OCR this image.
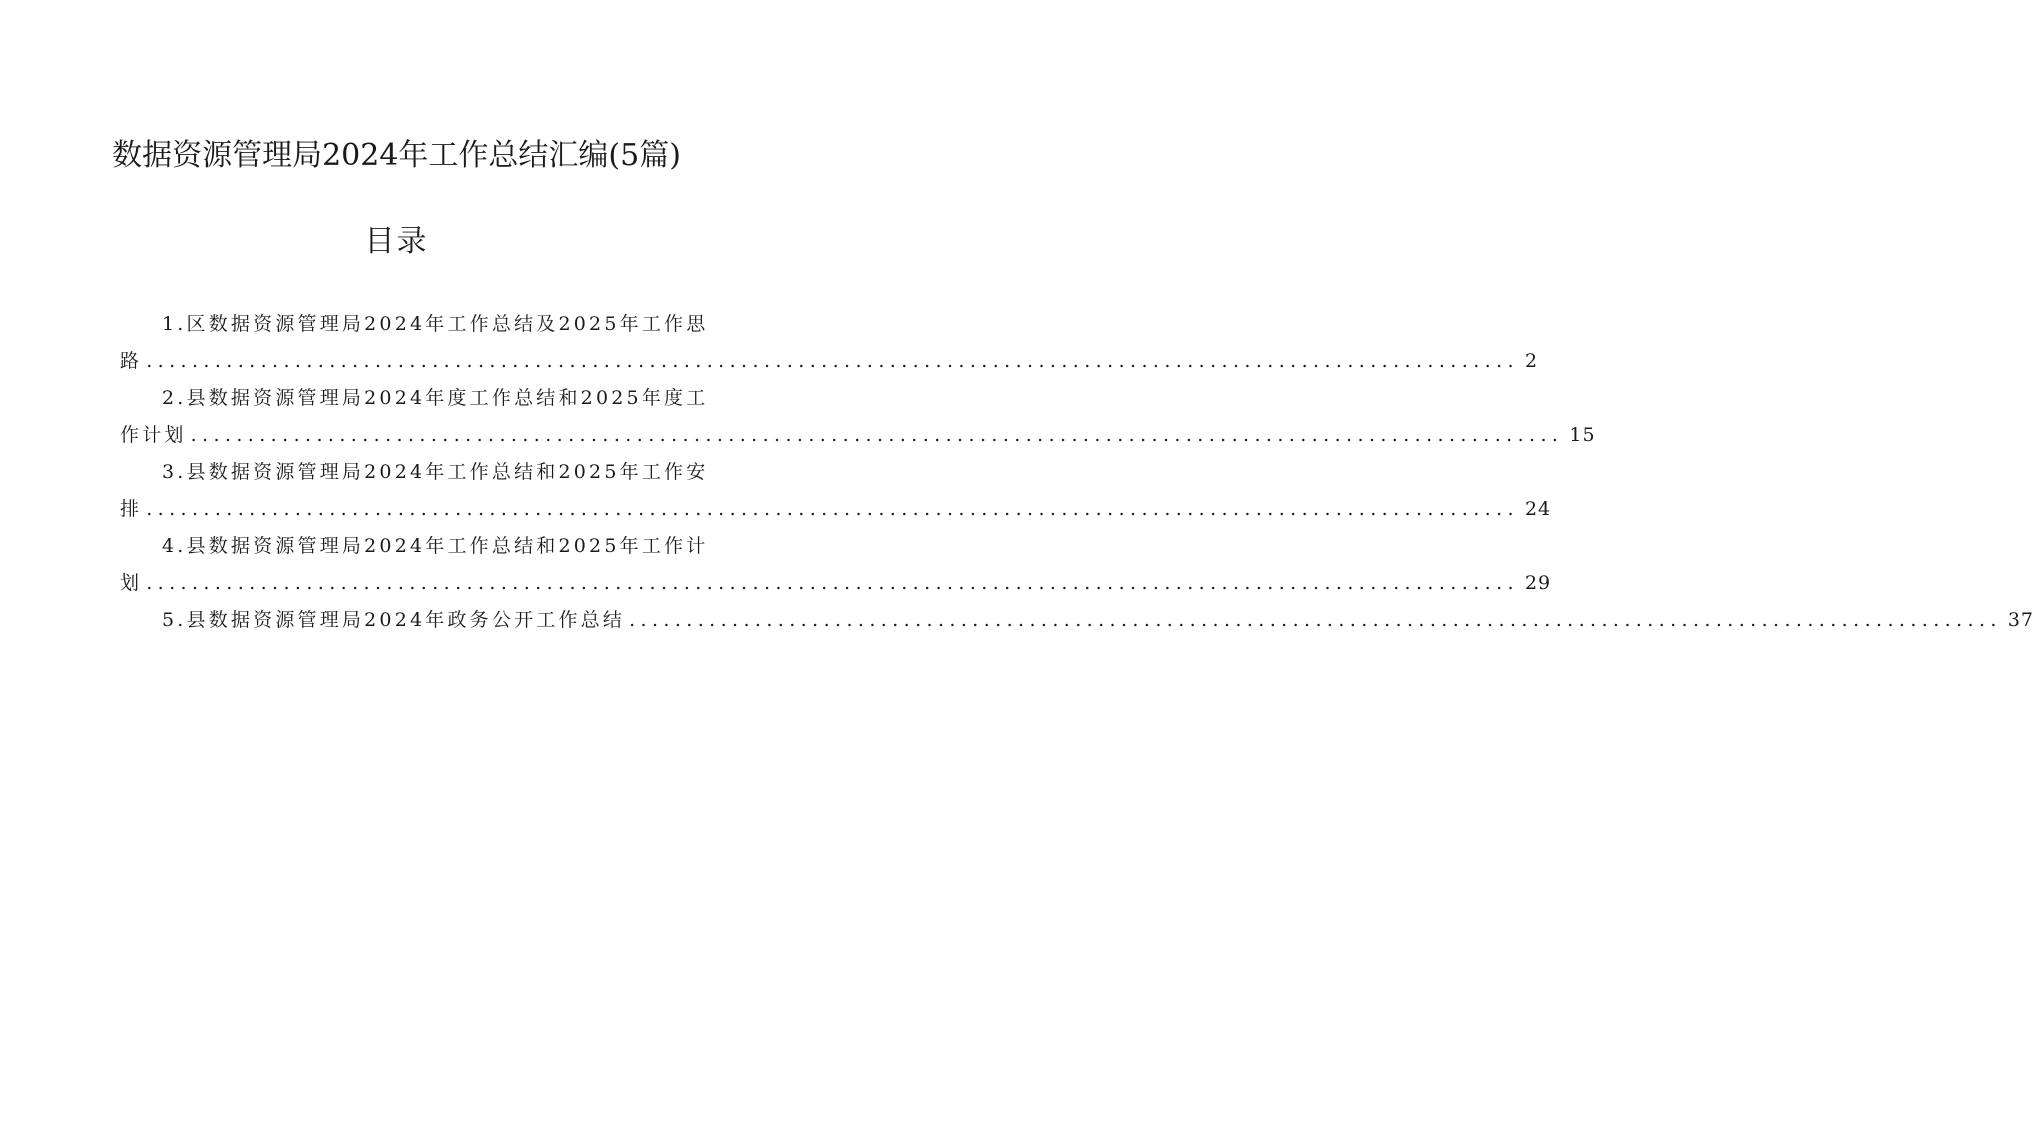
数据资源管理局2024年工作总结汇编(5篇)
目录
1.区数据资源管理局2024年工作总结及2025年工作思
路 ........................................................................................................................ 2
2.县数据资源管理局2024年度工作总结和2025年度工
作计划 ........................................................................................................................ 15
3.县数据资源管理局2024年工作总结和2025年工作安
排 ........................................................................................................................ 24
4.县数据资源管理局2024年工作总结和2025年工作计
划 ........................................................................................................................ 29
5.县数据资源管理局2024年政务公开工作总结 ........................................................................................................................ 37
